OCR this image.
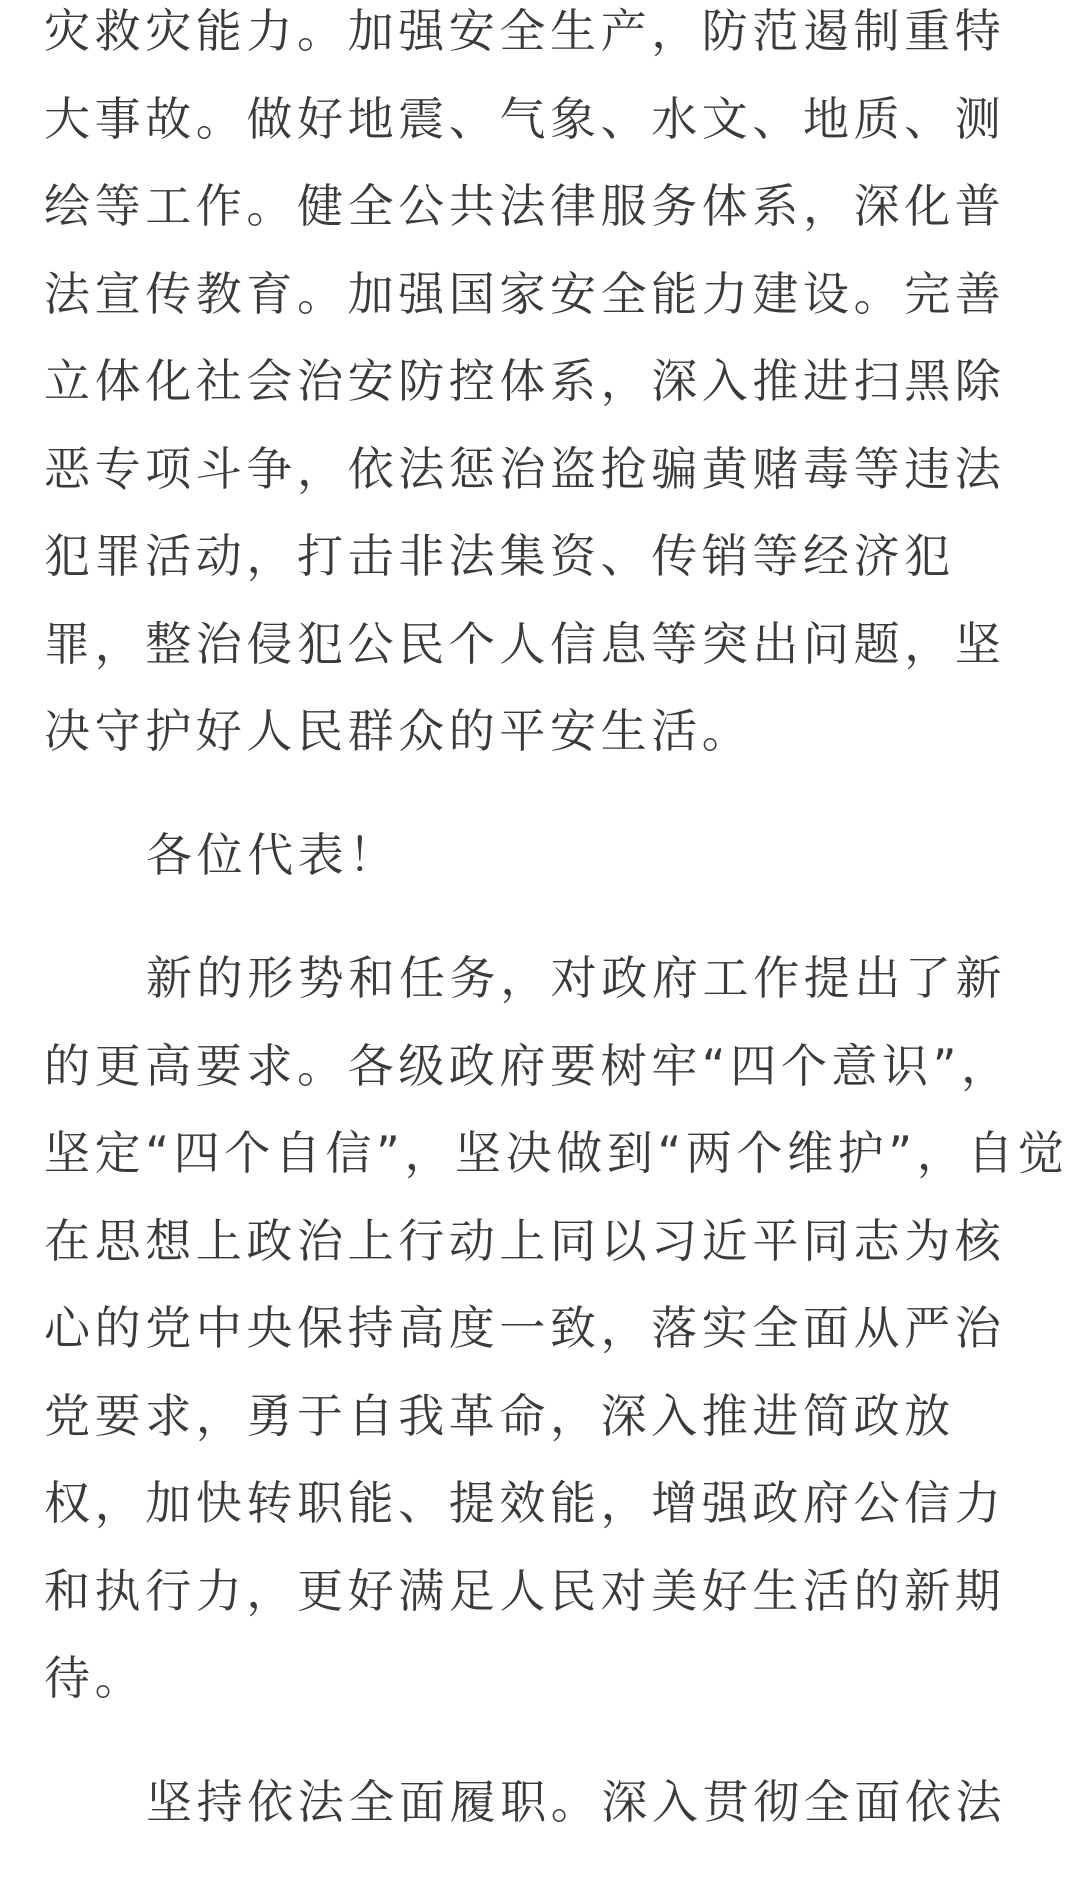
灾救灾能力。加强安全生产，防范遏制重特
大事故。做好地震、气象、水文、地质、测
绘等工作。健全公共法律服务体系，深化普
法宣传教育。加强国家安全能力建设。完善
立体化社会治安防控体系，深入推进扫黑除
恶专项斗争，依法惩治盗抢骗黄赌毒等违法
犯罪活动，打击非法集资、传销等经济犯
罪，整治侵犯公民个人信息等突出问题，坚
决守护好人民群众的平安生活。
各位代表！
新的形势和任务，对政府工作提出了新
的更高要求。各级政府要树牢“四个意识”，
坚定“四个自信”，坚决做到“两个维护”，自觉
在思想上政治上行动上同以习近平同志为核
心的党中央保持高度一致，落实全面从严治
党要求，勇于自我革命，深入推进简政放
权，加快转职能、提效能，增强政府公信力
和执行力，更好满足人民对美好生活的新期
待。
坚持依法全面履职。深入贯彻全面依法
